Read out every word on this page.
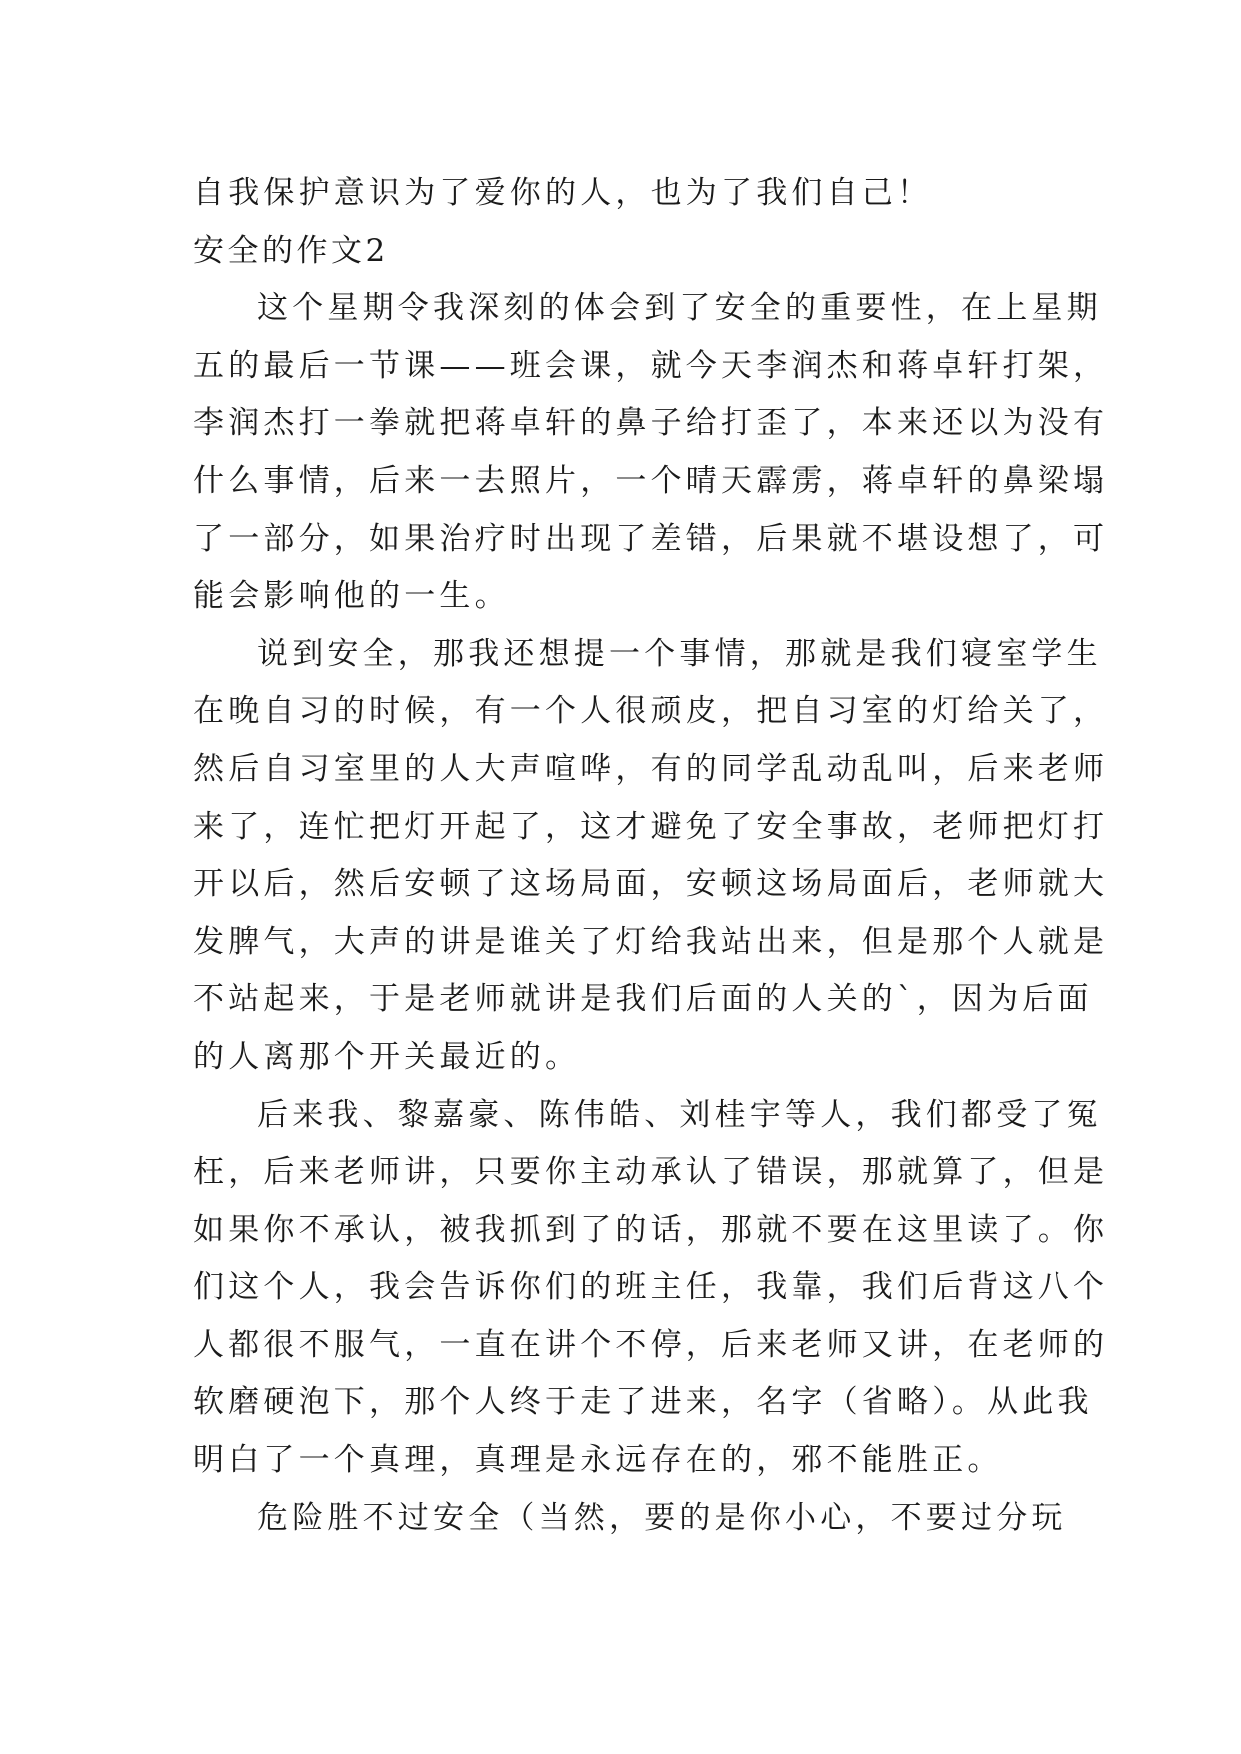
自我保护意识为了爱你的人，也为了我们自己！
安全的作文2
这个星期令我深刻的体会到了安全的重要性，在上星期
五的最后一节课——班会课，就今天李润杰和蒋卓轩打架，
李润杰打一拳就把蒋卓轩的鼻子给打歪了，本来还以为没有
什么事情，后来一去照片，一个晴天霹雳，蒋卓轩的鼻梁塌
了一部分，如果治疗时出现了差错，后果就不堪设想了，可
能会影响他的一生。
说到安全，那我还想提一个事情，那就是我们寝室学生
在晚自习的时候，有一个人很顽皮，把自习室的灯给关了，
然后自习室里的人大声喧哗，有的同学乱动乱叫，后来老师
来了，连忙把灯开起了，这才避免了安全事故，老师把灯打
开以后，然后安顿了这场局面，安顿这场局面后，老师就大
发脾气，大声的讲是谁关了灯给我站出来，但是那个人就是
不站起来，于是老师就讲是我们后面的人关的`，因为后面
的人离那个开关最近的。
后来我、黎嘉豪、陈伟皓、刘桂宇等人，我们都受了冤
枉，后来老师讲，只要你主动承认了错误，那就算了，但是
如果你不承认，被我抓到了的话，那就不要在这里读了。你
们这个人，我会告诉你们的班主任，我靠，我们后背这八个
人都很不服气，一直在讲个不停，后来老师又讲，在老师的
软磨硬泡下，那个人终于走了进来，名字（省略）。从此我
明白了一个真理，真理是永远存在的，邪不能胜正。
危险胜不过安全（当然，要的是你小心，不要过分玩
